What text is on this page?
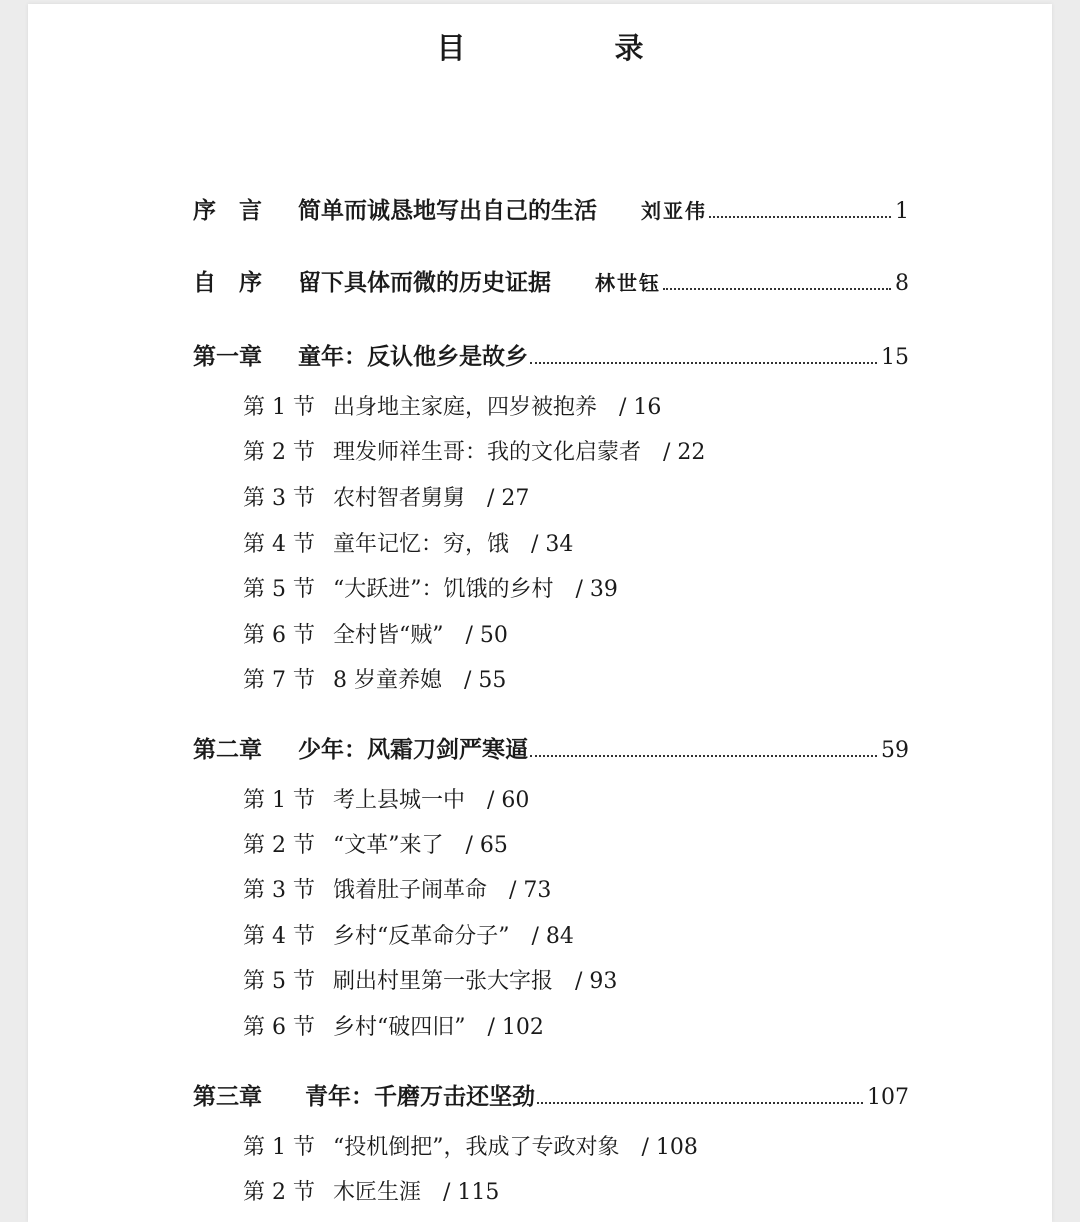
目　录
序　言	简单而诚恳地写出自己的生活 刘亚伟	1
自　序	留下具体而微的历史证据 林世钰	8
第一章	童年：反认他乡是故乡	15
第 1 节 出身地主家庭，四岁被抱养 / 16
第 2 节 理发师祥生哥：我的文化启蒙者 / 22
第 3 节 农村智者舅舅 / 27
第 4 节 童年记忆：穷，饿 / 34
第 5 节 “大跃进”：饥饿的乡村 / 39
第 6 节 全村皆“贼” / 50
第 7 节 8 岁童养媳 / 55
第二章	少年：风霜刀剑严寒逼	59
第 1 节 考上县城一中 / 60
第 2 节 “文革”来了 / 65
第 3 节 饿着肚子闹革命 / 73
第 4 节 乡村“反革命分子” / 84
第 5 节 刷出村里第一张大字报 / 93
第 6 节 乡村“破四旧” / 102
第三章	青年：千磨万击还坚劲	107
第 1 节 “投机倒把”，我成了专政对象 / 108
第 2 节 木匠生涯 / 115
